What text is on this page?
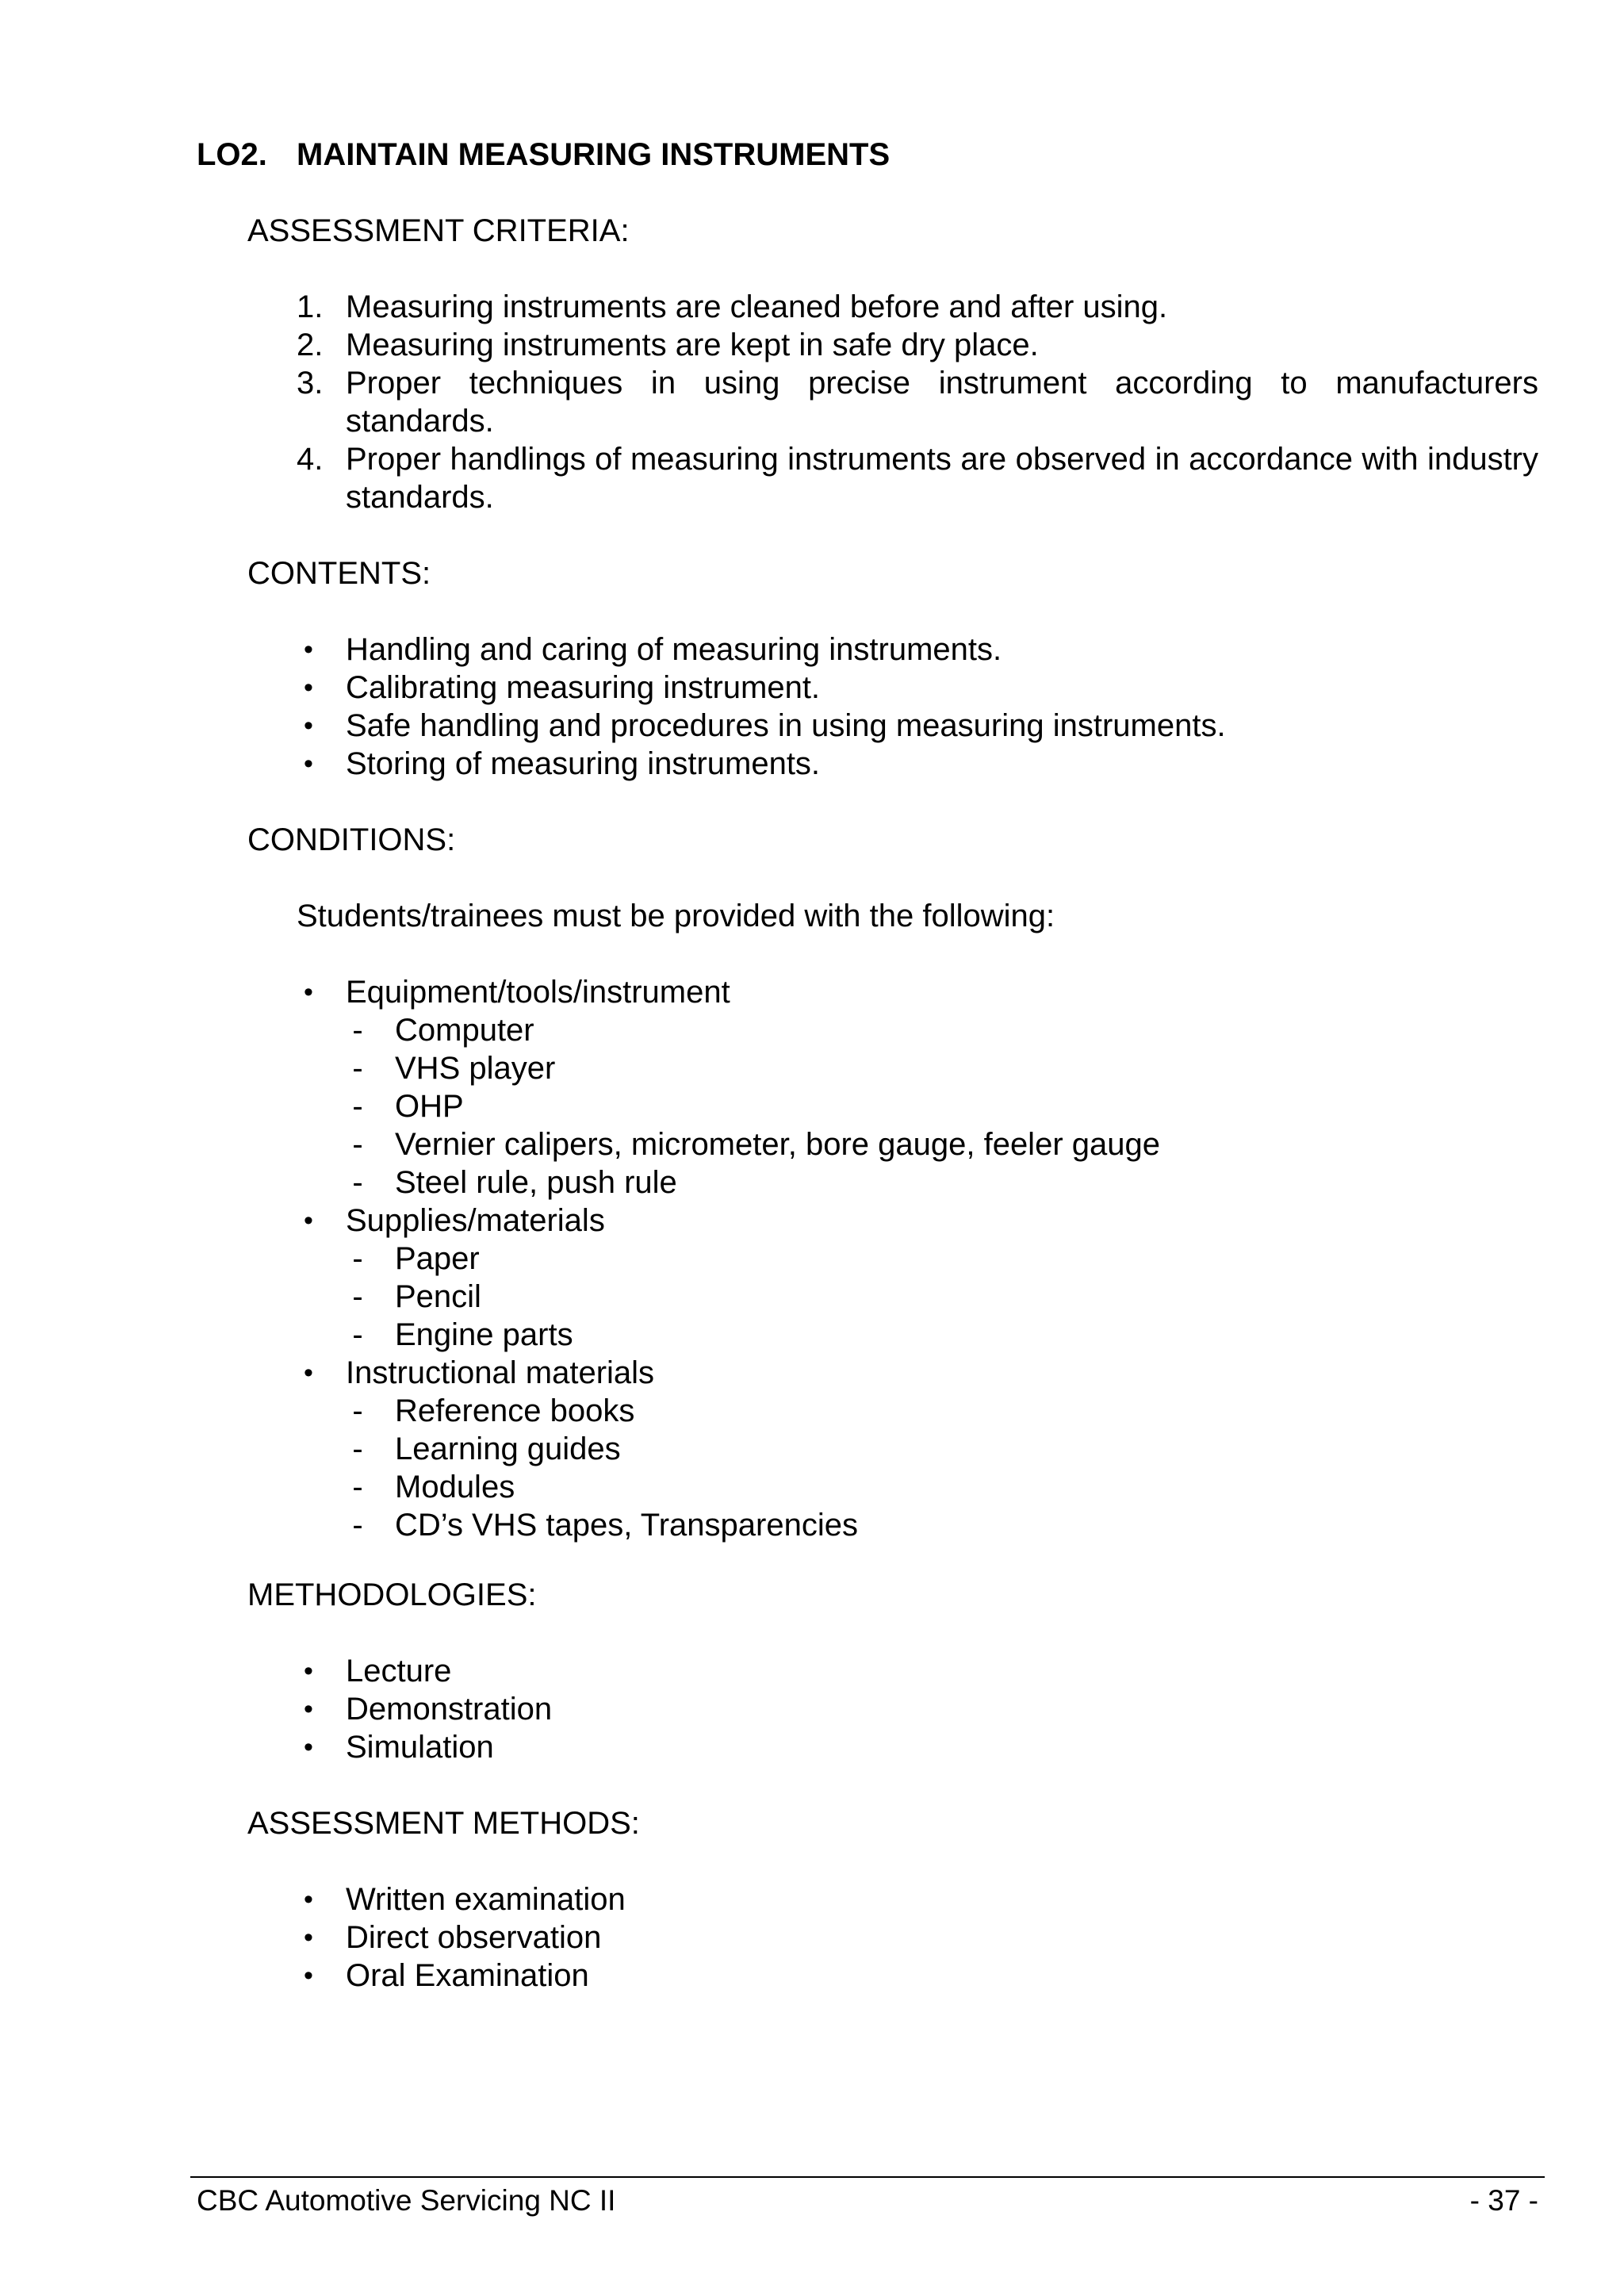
LO2. MAINTAIN MEASURING INSTRUMENTS
ASSESSMENT CRITERIA:
1. Measuring instruments are cleaned before and after using.
2. Measuring instruments are kept in safe dry place.
3. Proper techniques in using precise instrument according to manufacturers standards.
4. Proper handlings of measuring instruments are observed in accordance with industry standards.
CONTENTS:
• Handling and caring of measuring instruments.
• Calibrating measuring instrument.
• Safe handling and procedures in using measuring instruments.
• Storing of measuring instruments.
CONDITIONS:
Students/trainees must be provided with the following:
• Equipment/tools/instrument
- Computer
- VHS player
- OHP
- Vernier calipers, micrometer, bore gauge, feeler gauge
- Steel rule, push rule
• Supplies/materials
- Paper
- Pencil
- Engine parts
• Instructional materials
- Reference books
- Learning guides
- Modules
- CD’s VHS tapes, Transparencies
METHODOLOGIES:
• Lecture
• Demonstration
• Simulation
ASSESSMENT METHODS:
• Written examination
• Direct observation
• Oral Examination
CBC Automotive Servicing NC II	- 37 -
